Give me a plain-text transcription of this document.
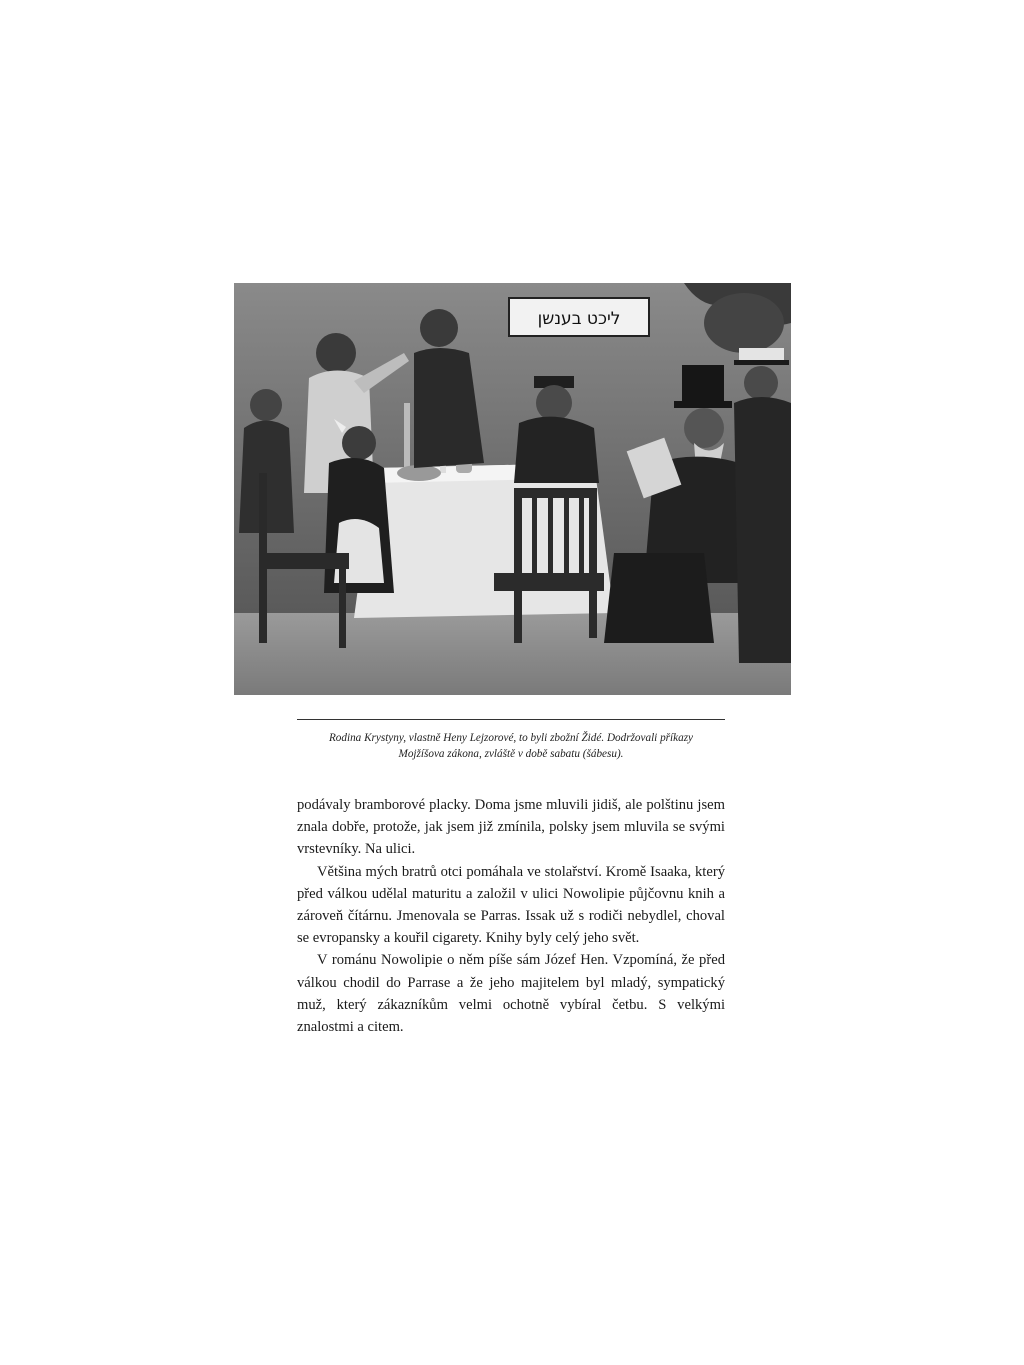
ליכט בענשן
Rodina Krystyny, vlastně Heny Lejzorové, to byli zbožní Židé. Dodržovali příkazy
Mojžíšova zákona, zvláště v době sabatu (šábesu).

podávaly bramborové placky. Doma jsme mluvili jidiš, ale polštinu jsem znala dobře, protože, jak jsem již zmínila, polsky jsem mluvila se svými vrstevníky. Na ulici.

Většina mých bratrů otci pomáhala ve stolařství. Kromě Isaaka, který před válkou udělal maturitu a založil v ulici Nowolipie půjčovnu knih a zároveň čítárnu. Jmenovala se Parras. Issak už s rodiči nebydlel, choval se evropansky a kouřil cigarety. Knihy byly celý jeho svět.

V románu Nowolipie o něm píše sám Józef Hen. Vzpomíná, že před válkou chodil do Parrase a že jeho majitelem byl mladý, sympatický muž, který zákazníkům velmi ochotně vybíral četbu. S velkými znalostmi a citem.
